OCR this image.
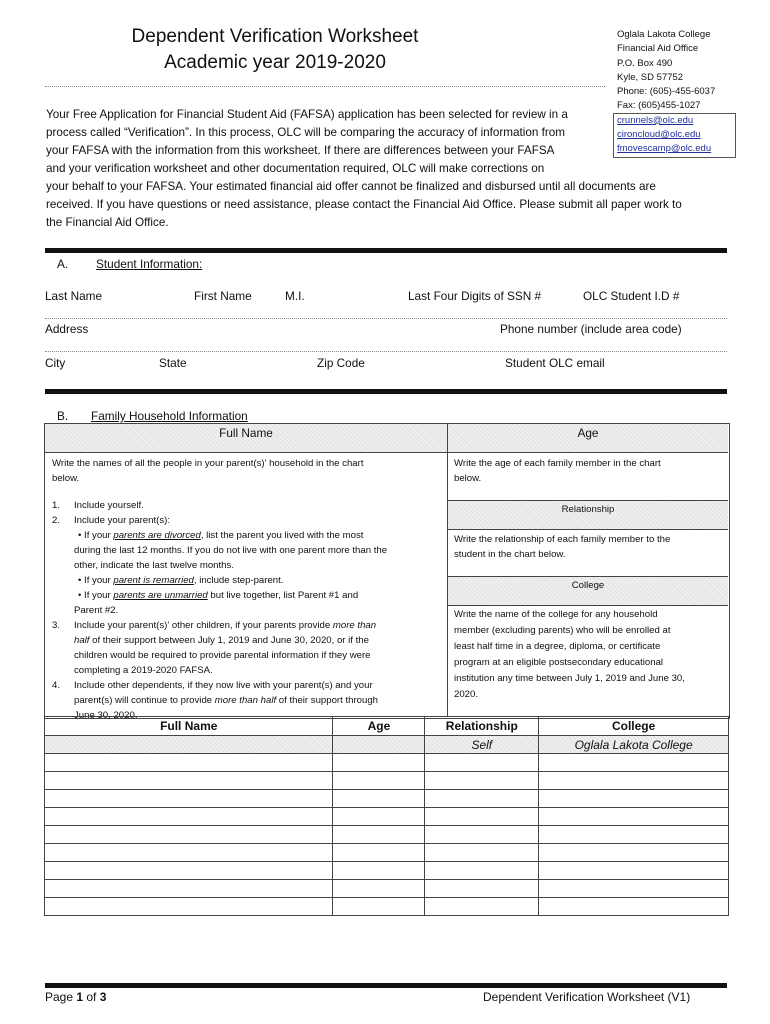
Dependent Verification Worksheet
Academic year 2019-2020
Oglala Lakota College
Financial Aid Office
P.O. Box 490
Kyle, SD 57752
Phone: (605)-455-6037
Fax: (605)455-1027
crunnels@olc.edu
cironcloud@olc.edu
fmovescamp@olc.edu
Your Free Application for Financial Student Aid (FAFSA) application has been selected for review in a
process called “Verification”. In this process, OLC will be comparing the accuracy of information from
your FAFSA with the information from this worksheet. If there are differences between your FAFSA
and your verification worksheet and other documentation required, OLC will make corrections on
your behalf to your FAFSA. Your estimated financial aid offer cannot be finalized and disbursed until all documents are
received. If you have questions or need assistance, please contact the Financial Aid Office. Please submit all paper work to
the Financial Aid Office.
A. Student Information:
Last Name	First Name	M.I.	Last Four Digits of SSN #	OLC Student I.D #
Address	Phone number (include area code)
City	State	Zip Code	Student OLC email
B. Family Household Information
Full Name	Age
Write the names of all the people in your parent(s)' household in the chart
below.
1. Include yourself.
2. Include your parent(s):
• If your parents are divorced, list the parent you lived with the most
during the last 12 months. If you do not live with one parent more than the
other, indicate the last twelve months.
• If your parent is remarried, include step-parent.
• If your parents are unmarried but live together, list Parent #1 and
Parent #2.
3. Include your parent(s)' other children, if your parents provide more than
half of their support between July 1, 2019 and June 30, 2020, or if the
children would be required to provide parental information if they were
completing a 2019-2020 FAFSA.
4. Include other dependents, if they now live with your parent(s) and your
parent(s) will continue to provide more than half of their support through
June 30, 2020.
Write the age of each family member in the chart
below.
Relationship
Write the relationship of each family member to the
student in the chart below.
College
Write the name of the college for any household
member (excluding parents) who will be enrolled at
least half time in a degree, diploma, or certificate
program at an eligible postsecondary educational
institution any time between July 1, 2019 and June 30,
2020.
Full Name	Age	Relationship	College
		Self	Oglala Lakota College

Page 1 of 3	Dependent Verification Worksheet (V1)
